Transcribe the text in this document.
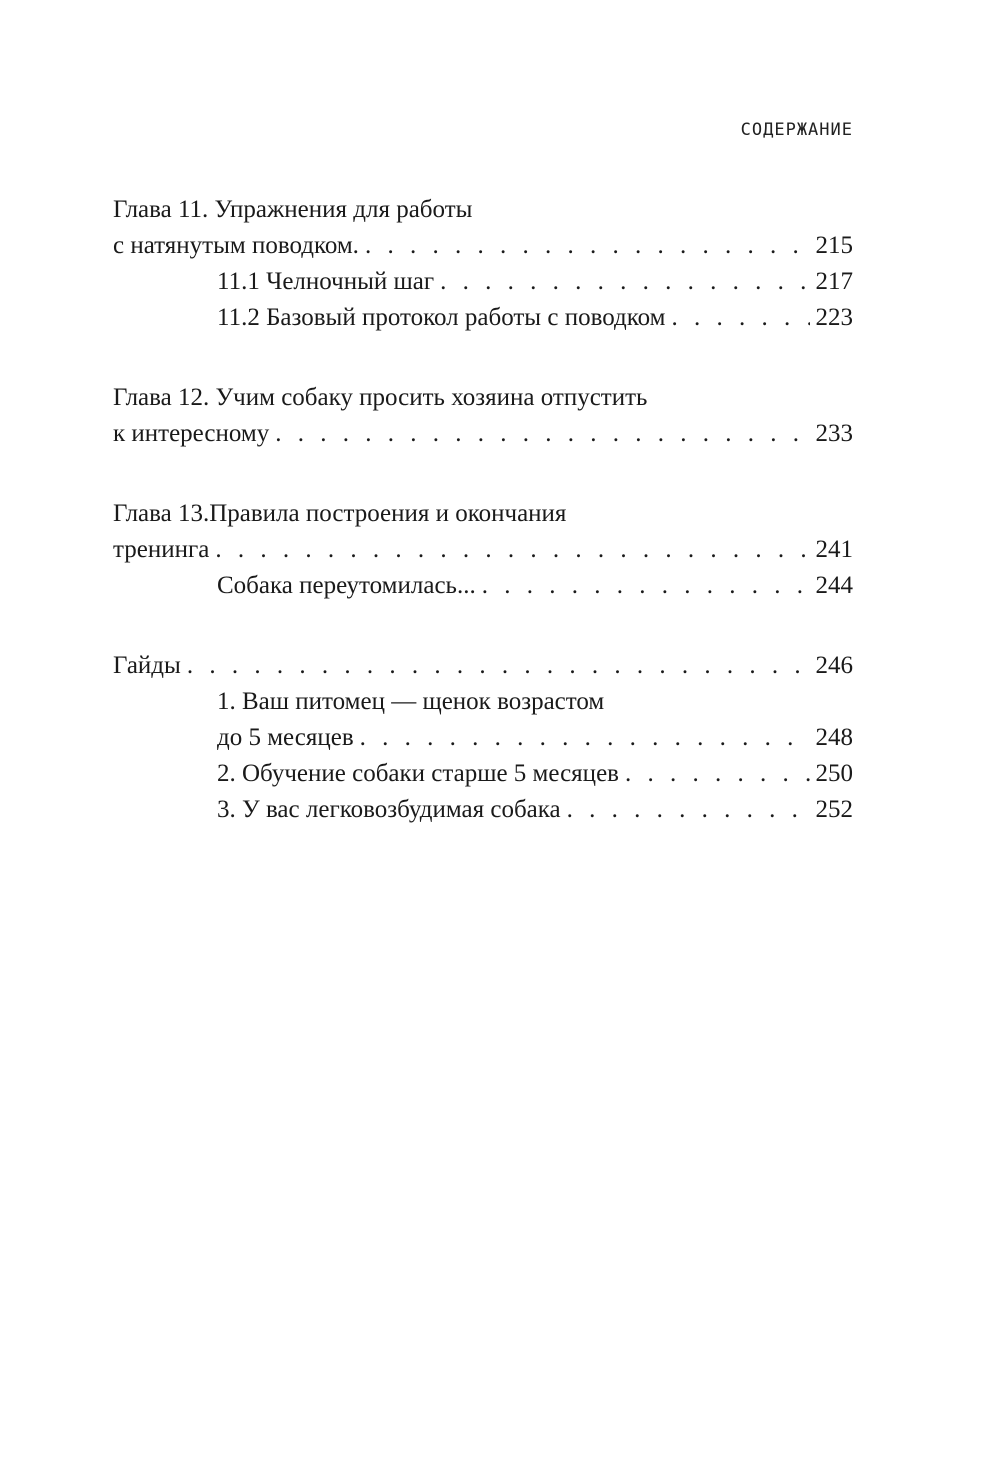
СОДЕРЖАНИЕ
Глава 11. Упражнения для работы
с натянутым поводком. . . .	215
11.1 Челночный шаг . . .	217
11.2 Базовый протокол работы с поводком . . .	223
Глава 12. Учим собаку просить хозяина отпустить
к интересному . . .	233
Глава 13.Правила построения и окончания
тренинга . . .	241
Собака переутомилась... . . .	244
Гайды . . .	246
1. Ваш питомец — щенок возрастом
до 5 месяцев . . .	248
2. Обучение собаки старше 5 месяцев . . .	250
3. У вас легковозбудимая собака . . .	252
